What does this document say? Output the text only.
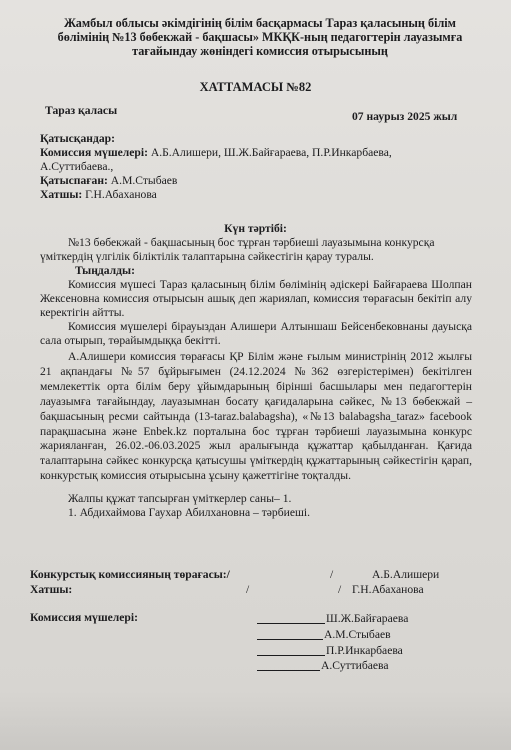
Жамбыл облысы әкімдігінің білім басқармасы Тараз қаласының білім
бөлімінің №13 бөбекжай - бақшасы» МКҚК-ның педагогтерін лауазымға
тағайындау жөніндегі комиссия отырысының
ХАТТАМАСЫ №82
Тараз қаласы	07 наурыз 2025 жыл
Қатысқандар:
Комиссия мүшелері: А.Б.Алишери, Ш.Ж.Байғараева, П.Р.Инкарбаева,
А.Суттибаева.,
Қатыспаған: А.М.Стыбаев
Хатшы: Г.Н.Абаханова
Күн тәртібі:
№13 бөбекжай - бақшасының бос тұрған тәрбиеші лауазымына конкурсқа
үміткердің үлгілік біліктілік талаптарына сәйкестігін қарау туралы.
Тыңдалды:
Комиссия мүшесі Тараз қаласының білім бөлімінің әдіскері Байғараева Шолпан Жексеновна комиссия отырысын ашық деп жариялап, комиссия төрағасын бекітіп алу керектігін айтты.
Комиссия мүшелері бірауыздан Алишери Алтыншаш Бейсенбековнаны дауысқа сала отырып, төрайымдыққа бекітті.
А.Алишери комиссия төрағасы ҚР Білім және ғылым министрінің 2012 жылғы 21 ақпандағы №57 бұйрығымен (24.12.2024 №362 өзгерістерімен) бекітілген мемлекеттік орта білім беру ұйымдарының бірінші басшылары мен педагогтерін лауазымға тағайындау, лауазымнан босату қағидаларына сәйкес, №13 бөбекжай – бақшасының ресми сайтында (13-taraz.balabagsha), «№13 balabagsha_taraz» facebook парақшасына және Enbek.kz порталына бос тұрған тәрбиеші лауазымына конкурс жарияланған, 26.02.-06.03.2025 жыл аралығында құжаттар қабылданған. Қағида талаптарына сәйкес конкурсқа қатысушы үміткердің құжаттарының сәйкестігін қарап, конкурстық комиссия отырысына ұсыну қажеттігіне тоқталды.
Жалпы құжат тапсырған үміткерлер саны– 1.
1. Абдихаймова Гаухар Абилхановна – тәрбиеші.
Конкурстық комиссияның төрағасы:/	/	А.Б.Алишери
Хатшы:	/	/ Г.Н.Абаханова
Комиссия мүшелері:	Ш.Ж.Байғараева
А.М.Стыбаев
П.Р.Инкарбаева
А.Суттибаева
